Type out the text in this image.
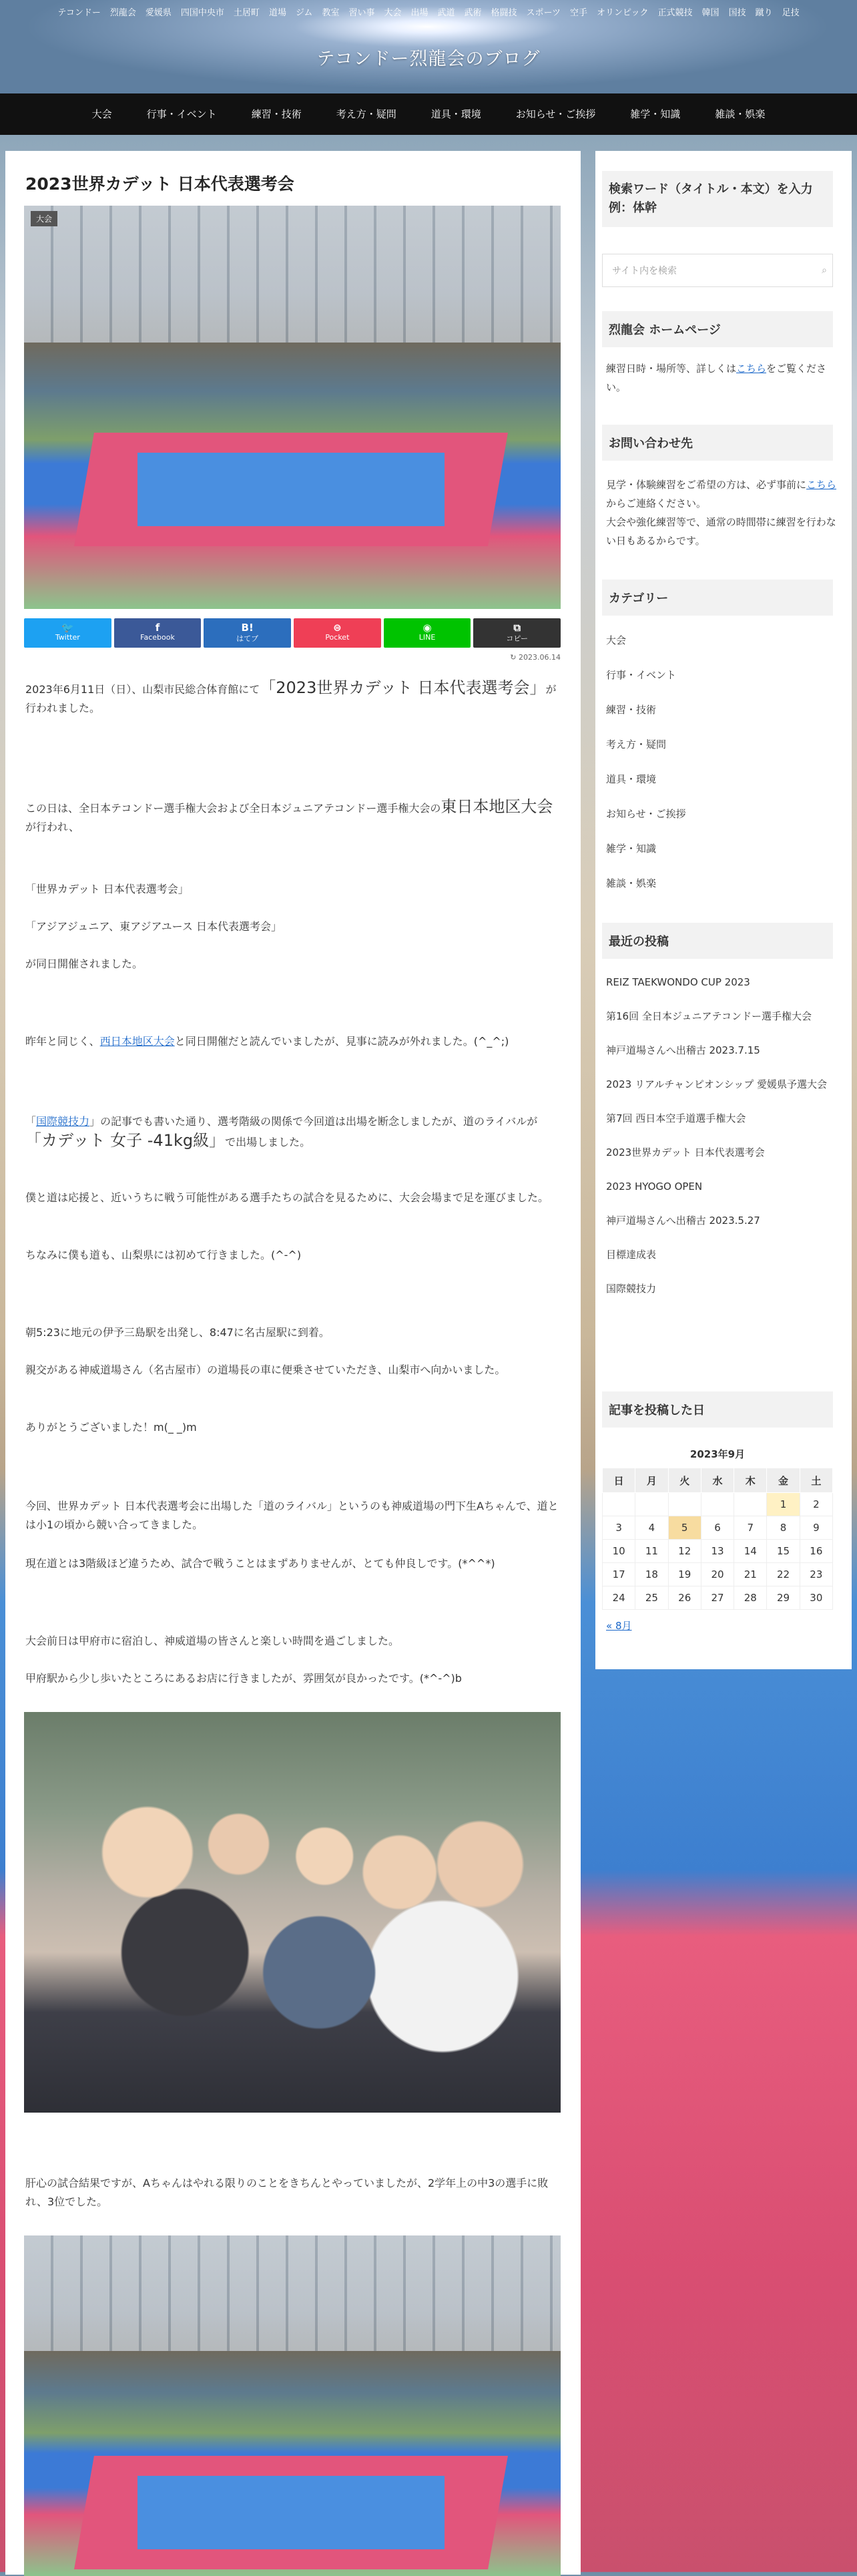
テコンドー 烈龍会 愛媛県 四国中央市 土居町 道場 ジム 教室 習い事 大会 出場 武道 武術 格闘技 スポーツ 空手 オリンピック 正式競技 韓国 国技 蹴り 足技
テコンドー烈龍会のブログ
大会	行事・イベント	練習・技術	考え方・疑問	道具・環境	お知らせ・ご挨拶	雑学・知識	雑談・娯楽
2023世界カデット 日本代表選考会
大会
🐦
Twitter
f
Facebook
B!
はてブ
⊜
Pocket
◉
LINE
⧉
コピー
↻ 2023.06.14

2023年6月11日（日）、山梨市民総合体育館にて「2023世界カデット 日本代表選考会」が行われました。

この日は、全日本テコンドー選手権大会および全日本ジュニアテコンドー選手権大会の東日本地区大会が行われ、

「世界カデット 日本代表選考会」

「アジアジュニア、東アジアユース 日本代表選考会」

が同日開催されました。

昨年と同じく、西日本地区大会と同日開催だと読んでいましたが、見事に読みが外れました。(^_^;)

「国際競技力」の記事でも書いた通り、選考階級の関係で今回道は出場を断念しましたが、道のライバルが「カデット 女子 -41kg級」で出場しました。

僕と道は応援と、近いうちに戦う可能性がある選手たちの試合を見るために、大会会場まで足を運びました。

ちなみに僕も道も、山梨県には初めて行きました。(^-^)

朝5:23に地元の伊予三島駅を出発し、8:47に名古屋駅に到着。

親交がある神威道場さん（名古屋市）の道場長の車に便乗させていただき、山梨市へ向かいました。

ありがとうございました！m(_ _)m

今回、世界カデット 日本代表選考会に出場した「道のライバル」というのも神威道場の門下生Aちゃんで、道とは小1の頃から競い合ってきました。

現在道とは3階級ほど違うため、試合で戦うことはまずありませんが、とても仲良しです。(*^^*)

大会前日は甲府市に宿泊し、神威道場の皆さんと楽しい時間を過ごしました。

甲府駅から少し歩いたところにあるお店に行きましたが、雰囲気が良かったです。(*^-^)b

肝心の試合結果ですが、Aちゃんはやれる限りのことをきちんとやっていましたが、2学年上の中3の選手に敗れ、3位でした。

検索ワード（タイトル・本文）を入力　例：体幹
サイト内を検索	⌕
烈龍会 ホームページ

練習日時・場所等、詳しくはこちらをご覧ください。

お問い合わせ先

見学・体験練習をご希望の方は、必ず事前にこちらからご連絡ください。
大会や強化練習等で、通常の時間帯に練習を行わない日もあるからです。

カテゴリー
大会
行事・イベント
練習・技術
考え方・疑問
道具・環境
お知らせ・ご挨拶
雑学・知識
雑談・娯楽
最近の投稿
REIZ TAEKWONDO CUP 2023
第16回 全日本ジュニアテコンドー選手権大会
神戸道場さんへ出稽古 2023.7.15
2023 リアルチャンピオンシップ 愛媛県予選大会
第7回 西日本空手道選手権大会
2023世界カデット 日本代表選考会
2023 HYOGO OPEN
神戸道場さんへ出稽古 2023.5.27
目標達成表
国際競技力
記事を投稿した日
2023年9月
日	月	火	水	木	金	土
					1	2
3	4	5	6	7	8	9
10	11	12	13	14	15	16
17	18	19	20	21	22	23
24	25	26	27	28	29	30
« 8月
